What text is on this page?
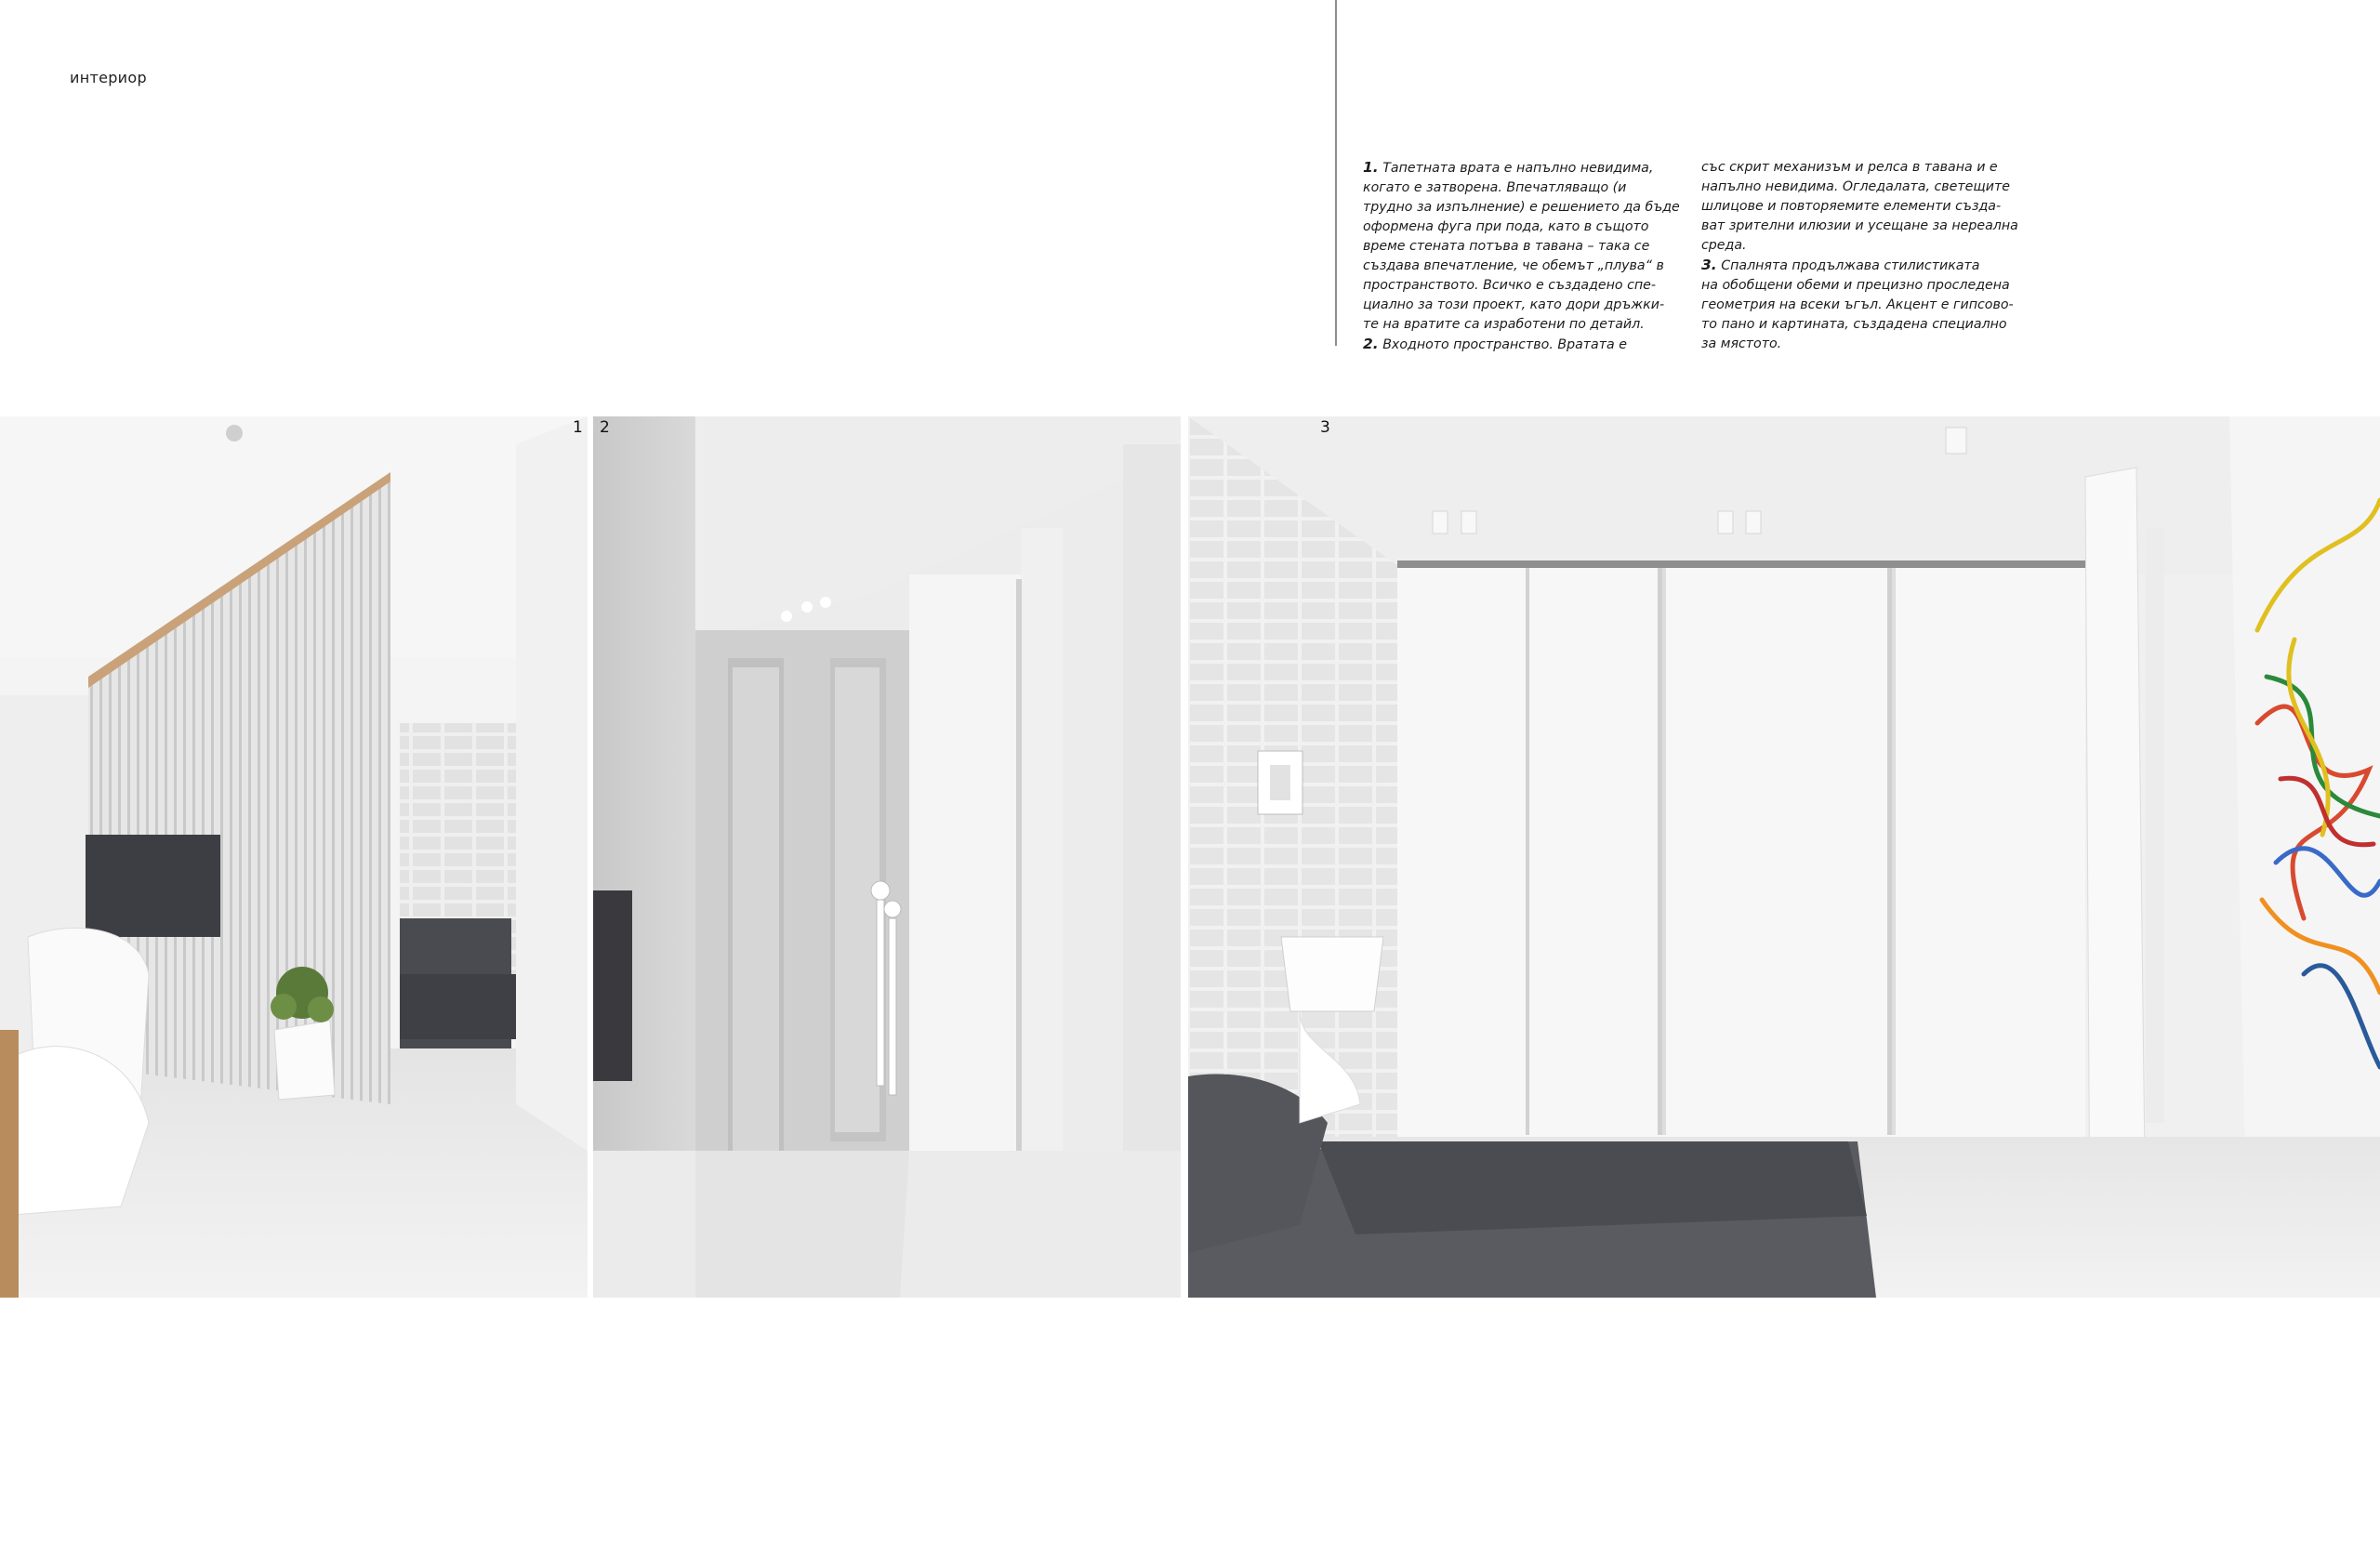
интериор

1. Тапетната врата е напълно невидима,

когато е затворена. Впечатляващо (и

трудно за изпълнение) е решението да бъде

оформена фуга при пода, като в същото

време стената потъва в тавана – така се

създава впечатление, че обемът „плува“ в

пространството. Всичко е създадено спе-

циално за този проект, като дори дръжки-

те на вратите са изработени по детайл.

2. Входното пространство. Вратата е

със скрит механизъм и релса в тавана и е

напълно невидима. Огледалата, светещите

шлицове и повторяемите елементи създа-

ват зрителни илюзии и усещане за нереална

среда.

3. Спалнята продължава стилистиката

на обобщени обеми и прецизно проследена

геометрия на всеки ъгъл. Акцент е гипсово-

то пано и картината, създадена специално

за мястото.

1 2	3
